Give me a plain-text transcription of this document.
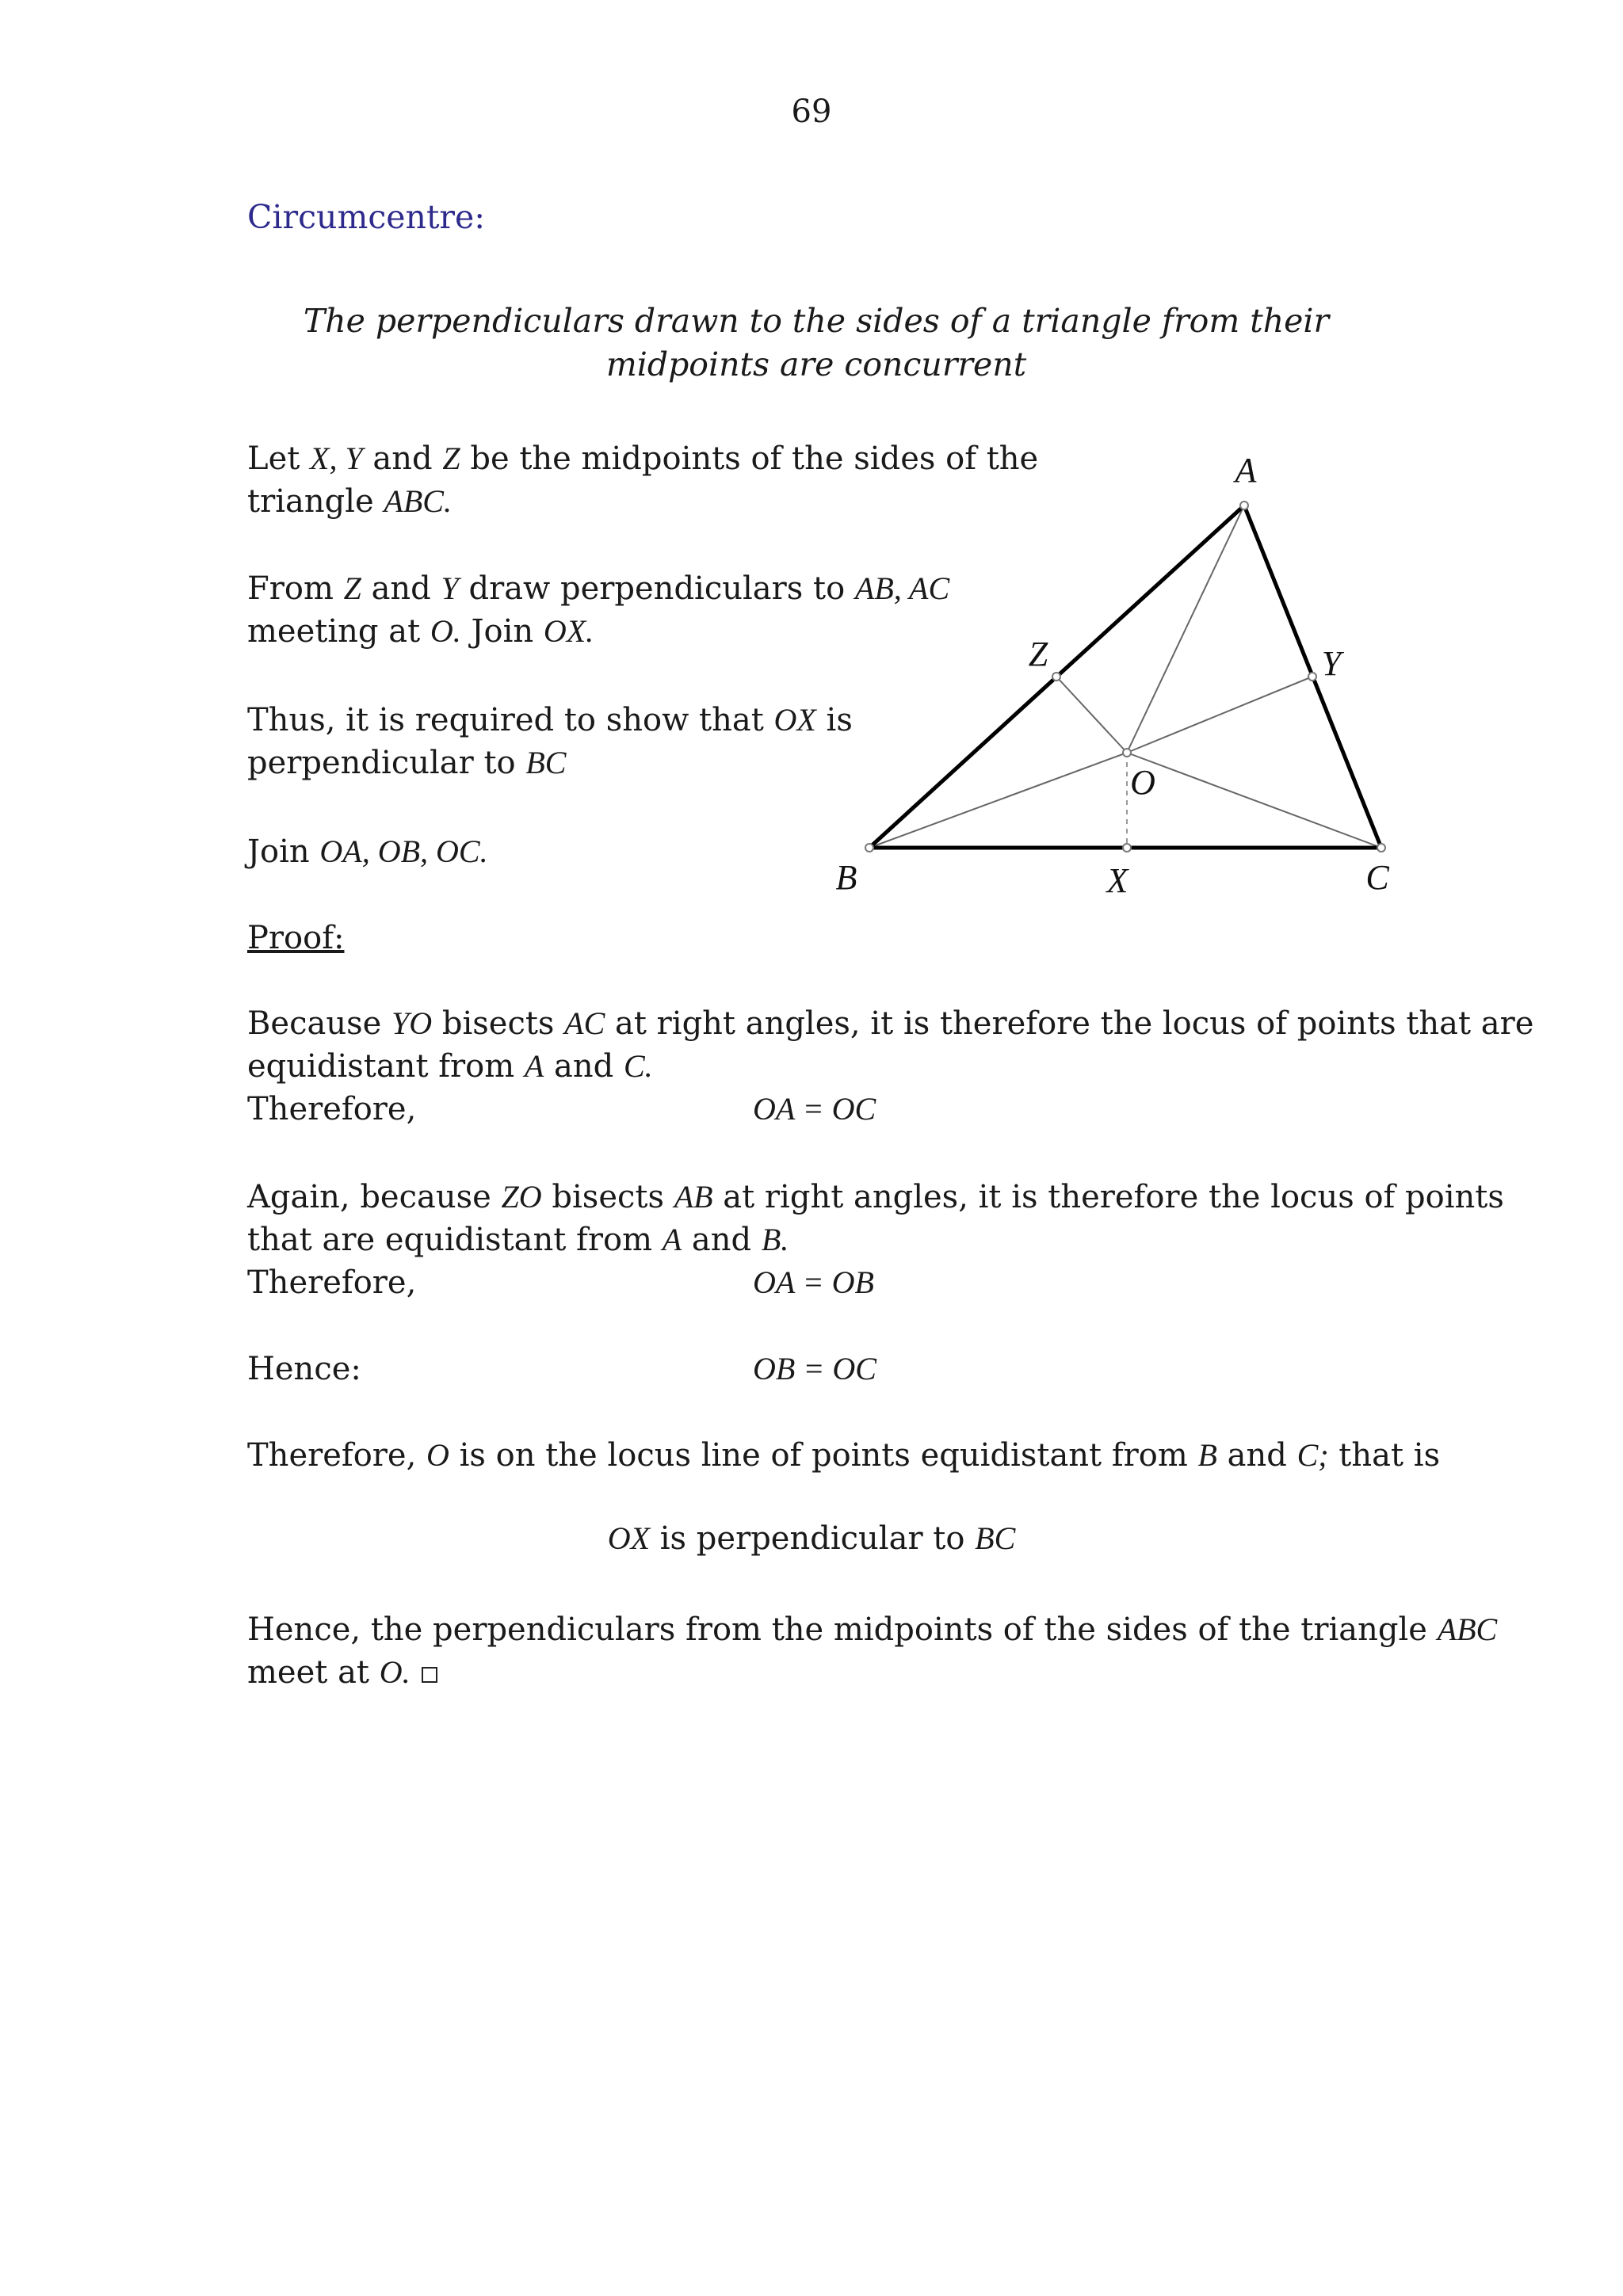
69
Circumcentre:
The perpendiculars drawn to the sides of a triangle from their
midpoints are concurrent
Let X, Y and Z be the midpoints of the sides of the
triangle ABC.
From Z and Y draw perpendiculars to AB, AC
meeting at O. Join OX.
Thus, it is required to show that OX is
perpendicular to BC
Join OA, OB, OC.
A
B	C
X
Y
Z
O
Proof:
Because YO bisects AC at right angles, it is therefore the locus of points that are
equidistant from A and C.
Therefore,	OA = OC
Again, because ZO bisects AB at right angles, it is therefore the locus of points
that are equidistant from A and B.
Therefore,	OA = OB
Hence:	OB = OC
Therefore, O is on the locus line of points equidistant from B and C; that is
OX is perpendicular to BC
Hence, the perpendiculars from the midpoints of the sides of the triangle ABC
meet at O.
